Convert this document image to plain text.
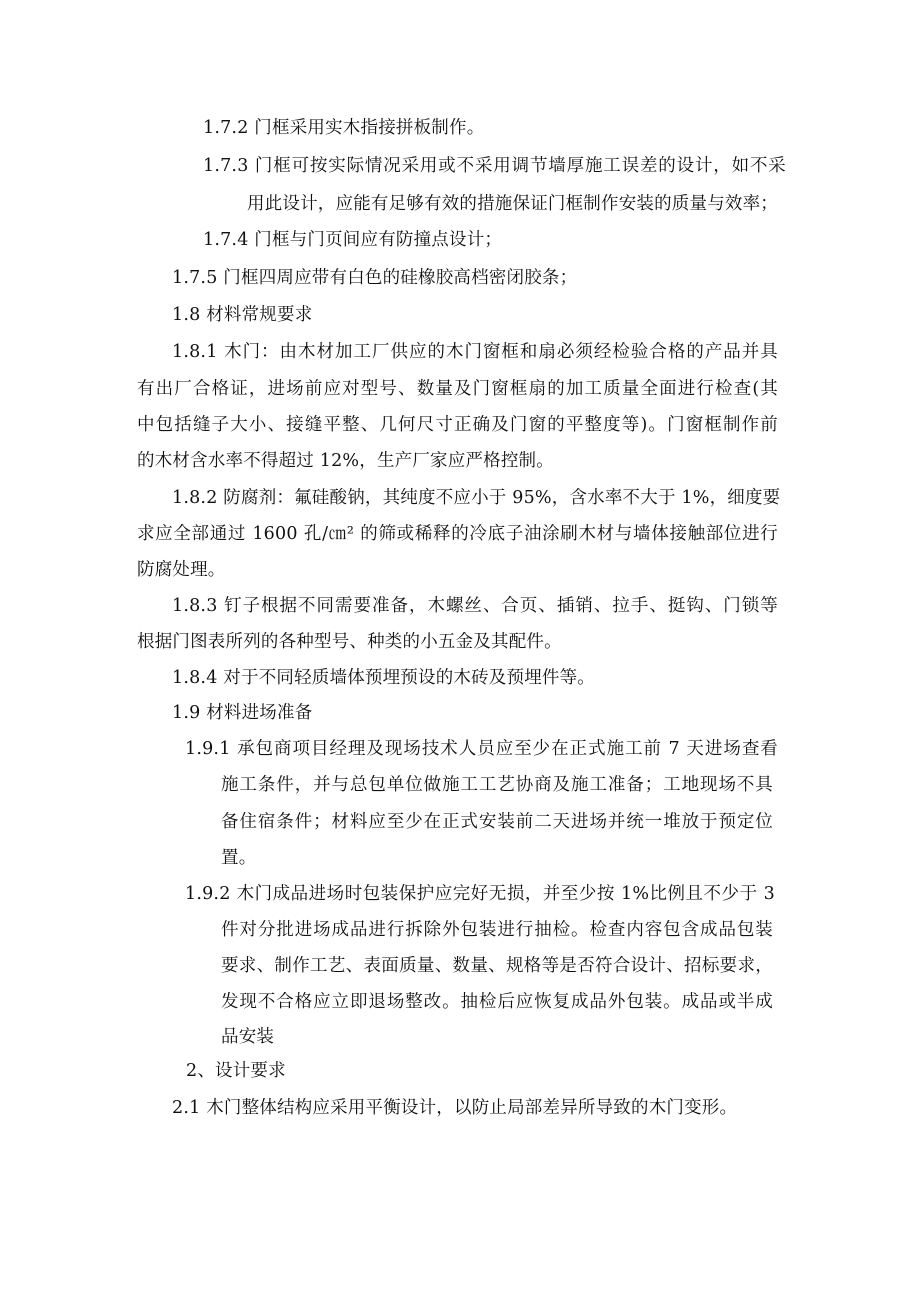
1.7.2 门框采用实木指接拼板制作。
1.7.3 门框可按实际情况采用或不采用调节墙厚施工误差的设计，如不采
用此设计，应能有足够有效的措施保证门框制作安装的质量与效率；
1.7.4 门框与门页间应有防撞点设计；
1.7.5 门框四周应带有白色的硅橡胶高档密闭胶条；
1.8 材料常规要求
1.8.1 木门：由木材加工厂供应的木门窗框和扇必须经检验合格的产品并具
有出厂合格证，进场前应对型号、数量及门窗框扇的加工质量全面进行检查(其
中包括缝子大小、接缝平整、几何尺寸正确及门窗的平整度等)。门窗框制作前
的木材含水率不得超过 12%，生产厂家应严格控制。
1.8.2 防腐剂：氟硅酸钠，其纯度不应小于 95%，含水率不大于 1%，细度要
求应全部通过 1600 孔/㎝² 的筛或稀释的冷底子油涂刷木材与墙体接触部位进行
防腐处理。
1.8.3 钉子根据不同需要准备，木螺丝、合页、插销、拉手、挺钩、门锁等
根据门图表所列的各种型号、种类的小五金及其配件。
1.8.4 对于不同轻质墙体预埋预设的木砖及预埋件等。
1.9 材料进场准备
1.9.1 承包商项目经理及现场技术人员应至少在正式施工前 7 天进场查看
施工条件，并与总包单位做施工工艺协商及施工准备；工地现场不具
备住宿条件；材料应至少在正式安装前二天进场并统一堆放于预定位
置。
1.9.2 木门成品进场时包装保护应完好无损，并至少按 1%比例且不少于 3
件对分批进场成品进行拆除外包装进行抽检。检查内容包含成品包装
要求、制作工艺、表面质量、数量、规格等是否符合设计、招标要求，
发现不合格应立即退场整改。抽检后应恢复成品外包装。成品或半成
品安装
2、设计要求
2.1 木门整体结构应采用平衡设计，以防止局部差异所导致的木门变形。
